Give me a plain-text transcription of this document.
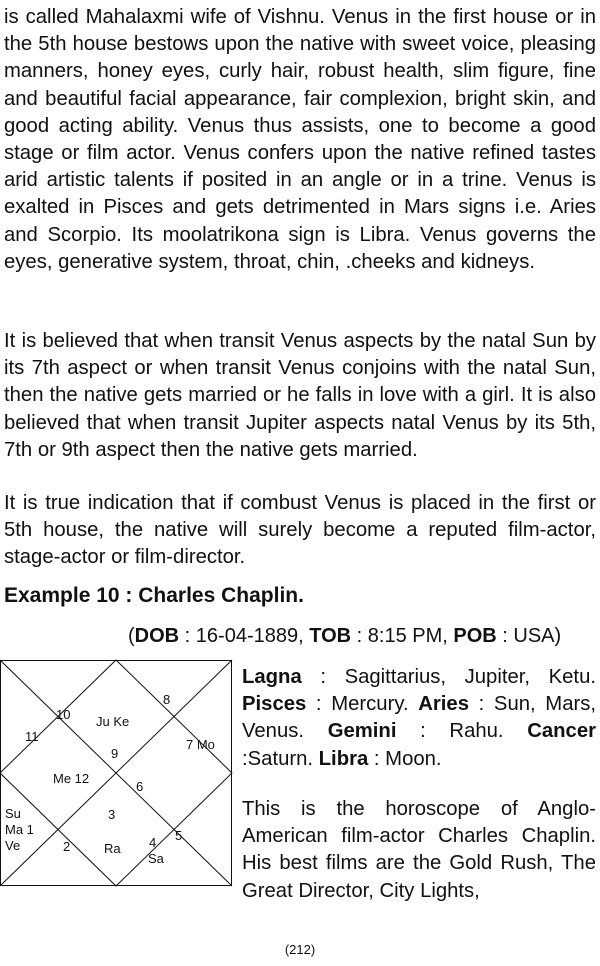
is called Mahalaxmi wife of Vishnu. Venus in the first house or in the 5th house bestows upon the native with sweet voice, pleasing manners, honey eyes, curly hair, robust health, slim figure, fine and beautiful facial appearance, fair complexion, bright skin, and good acting ability. Venus thus assists, one to become a good stage or film actor. Venus confers upon the native refined tastes arid artistic talents if posited in an angle or in a trine. Venus is exalted in Pisces and gets detrimented in Mars signs i.e. Aries and Scorpio. Its moolatrikona sign is Libra. Venus governs the eyes, generative system, throat, chin, .cheeks and kidneys.

It is believed that when transit Venus aspects by the natal Sun by its 7th aspect or when transit Venus conjoins with the natal Sun, then the native gets married or he falls in love with a girl. It is also believed that when transit Jupiter aspects natal Venus by its 5th, 7th or 9th aspect then the native gets married.

It is true indication that if combust Venus is placed in the first or 5th house, the native will surely become a reputed film-actor, stage-actor or film-director.

Example 10 : Charles Chaplin.

(DOB : 16-04-1889, TOB : 8:15 PM, POB : USA)

10
11
Ju Ke
9
8
7 Mo
Me 12
6
3
Su
Ma 1
Ve	2	Ra 4
Sa
5

Lagna : Sagittarius, Jupiter, Ketu. Pisces : Mercury. Aries : Sun, Mars, Venus. Gemini : Rahu. Cancer :Saturn. Libra : Moon.

This is the horoscope of Anglo-American film-actor Charles Chaplin. His best films are the Gold Rush, The Great Director, City Lights,

(212)
